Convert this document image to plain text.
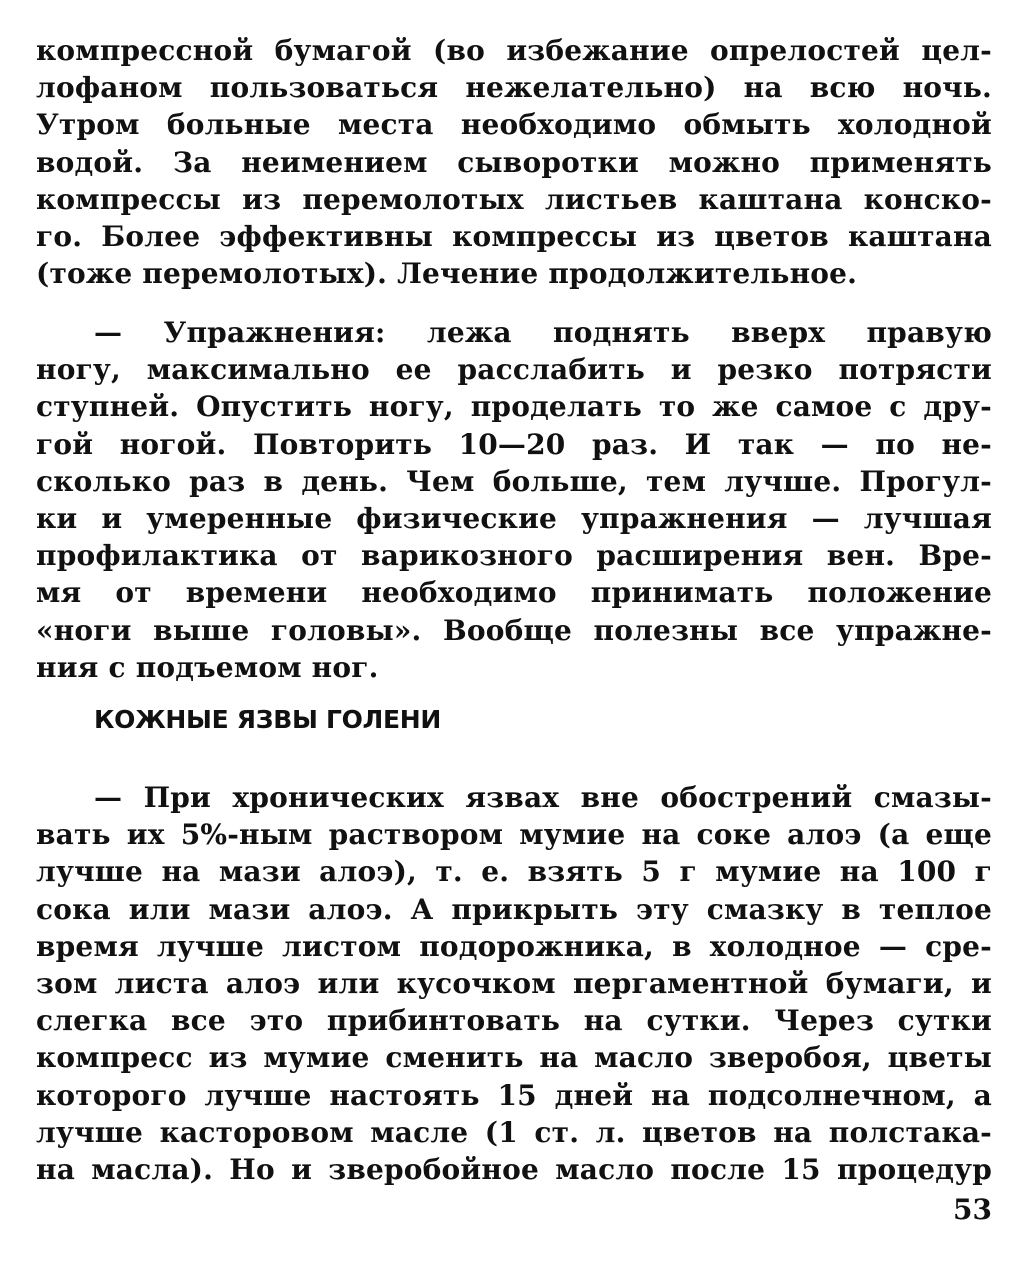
компрессной бумагой (во избежание опрелостей цел-
лофаном пользоваться нежелательно) на всю ночь.
Утром больные места необходимо обмыть холодной
водой. За неимением сыворотки можно применять
компрессы из перемолотых листьев каштана конско-
го. Более эффективны компрессы из цветов каштана
(тоже перемолотых). Лечение продолжительное.
— Упражнения: лежа поднять вверх правую
ногу, максимально ее расслабить и резко потрясти
ступней. Опустить ногу, проделать то же самое с дру-
гой ногой. Повторить 10—20 раз. И так — по не-
сколько раз в день. Чем больше, тем лучше. Прогул-
ки и умеренные физические упражнения — лучшая
профилактика от варикозного расширения вен. Вре-
мя от времени необходимо принимать положение
«ноги выше головы». Вообще полезны все упражне-
ния с подъемом ног.
КОЖНЫЕ ЯЗВЫ ГОЛЕНИ
— При хронических язвах вне обострений смазы-
вать их 5%-ным раствором мумие на соке алоэ (а еще
лучше на мази алоэ), т. е. взять 5 г мумие на 100 г
сока или мази алоэ. А прикрыть эту смазку в теплое
время лучше листом подорожника, в холодное — сре-
зом листа алоэ или кусочком пергаментной бумаги, и
слегка все это прибинтовать на сутки. Через сутки
компресс из мумие сменить на масло зверобоя, цветы
которого лучше настоять 15 дней на подсолнечном, а
лучше касторовом масле (1 ст. л. цветов на полстака-
на масла). Но и зверобойное масло после 15 процедур
53
